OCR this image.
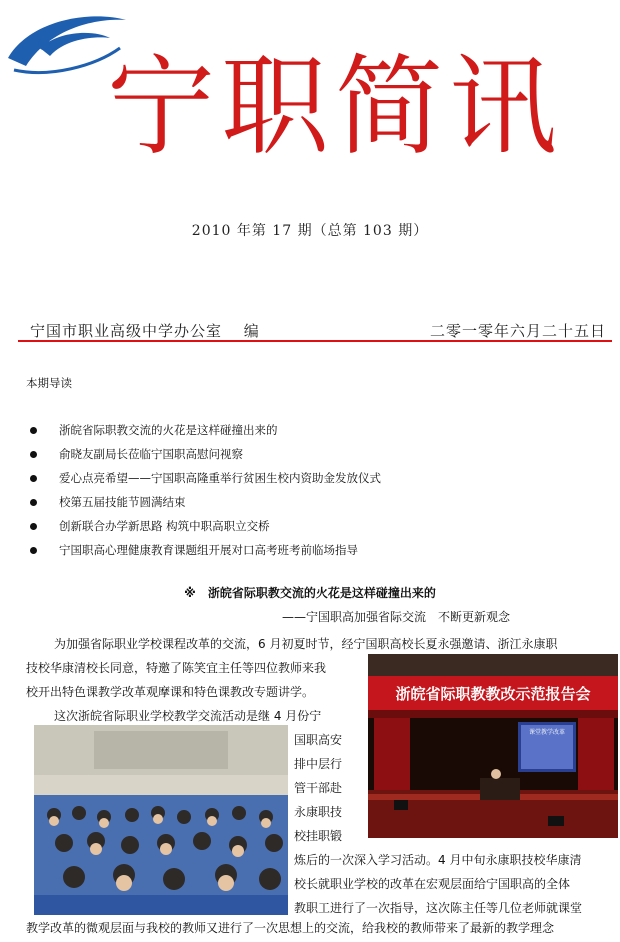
宁职简讯
2010 年第 17 期（总第 103 期）
宁国市职业高级中学办公室　 编	二零一零年六月二十五日
本期导读
浙皖省际职教交流的火花是这样碰撞出来的
俞晓友副局长莅临宁国职高慰问视察
爱心点亮希望——宁国职高隆重举行贫困生校内资助金发放仪式
校第五届技能节圆满结束
创新联合办学新思路 构筑中职高职立交桥
宁国职高心理健康教育课题组开展对口高考班考前临场指导
※　浙皖省际职教交流的火花是这样碰撞出来的
——宁国职高加强省际交流　不断更新观念
为加强省际职业学校课程改革的交流，6 月初夏时节，经宁国职高校长夏永强邀请、浙江永康职
技校华康清校长同意，特邀了陈笑宜主任等四位教师来我
校开出特色课教学改革观摩课和特色课教改专题讲学。
这次浙皖省际职业学校教学交流活动是继 4 月份宁
国职高安
排中层行
管干部赴
永康职技
校挂职锻
炼后的一次深入学习活动。4 月中旬永康职技校华康清
校长就职业学校的改革在宏观层面给宁国职高的全体
教职工进行了一次指导，这次陈主任等几位老师就课堂
教学改革的微观层面与我校的教师又进行了一次思想上的交流，给我校的教师带来了最新的教学理念
浙皖省际职教教改示范报告会
课堂教学改革
